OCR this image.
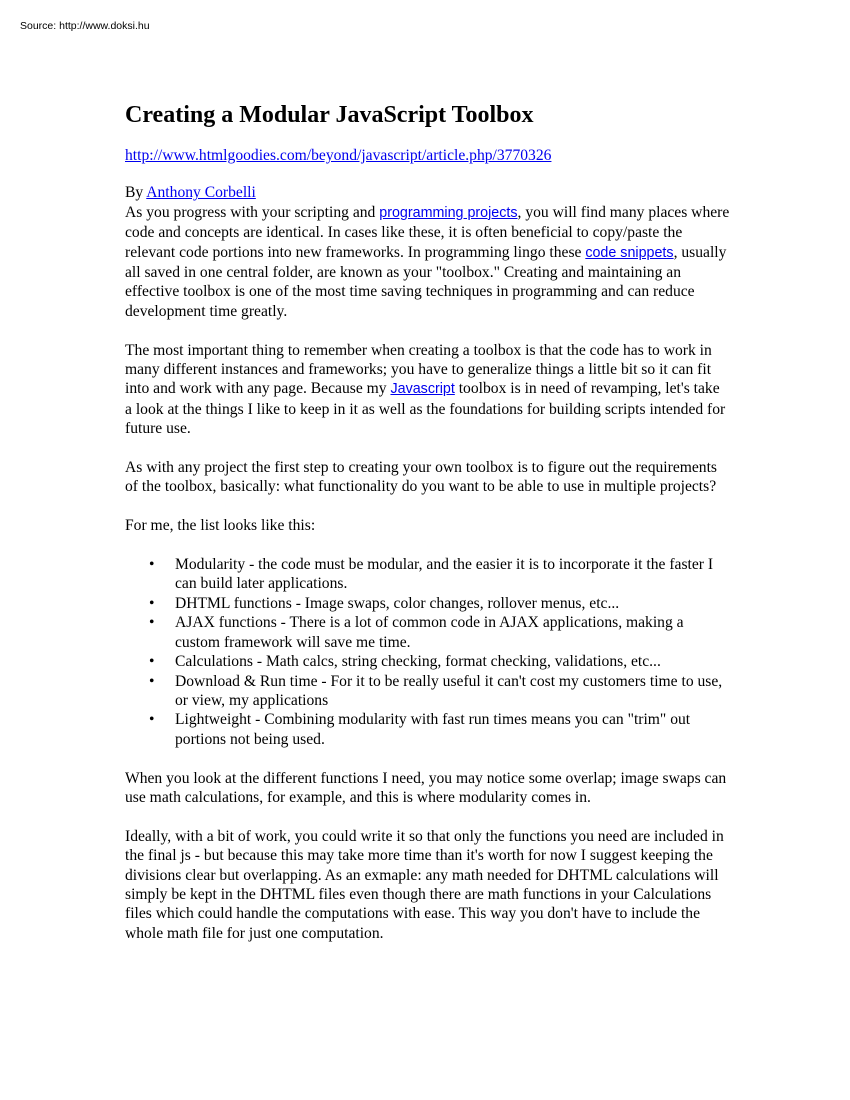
Source: http://www.doksi.hu
Creating a Modular JavaScript Toolbox

http://www.htmlgoodies.com/beyond/javascript/article.php/3770326

By Anthony Corbelli

As you progress with your scripting and programming projects, you will find many places where code and concepts are identical. In cases like these, it is often beneficial to copy/paste the relevant code portions into new frameworks. In programming lingo these code snippets, usually all saved in one central folder, are known as your "toolbox." Creating and maintaining an effective toolbox is one of the most time saving techniques in programming and can reduce development time greatly.

The most important thing to remember when creating a toolbox is that the code has to work in many different instances and frameworks; you have to generalize things a little bit so it can fit into and work with any page. Because my Javascript toolbox is in need of revamping, let's take a look at the things I like to keep in it as well as the foundations for building scripts intended for future use.

As with any project the first step to creating your own toolbox is to figure out the requirements of the toolbox, basically: what functionality do you want to be able to use in multiple projects?

For me, the list looks like this:

• Modularity - the code must be modular, and the easier it is to incorporate it the faster I can build later applications.
• DHTML functions - Image swaps, color changes, rollover menus, etc...
• AJAX functions - There is a lot of common code in AJAX applications, making a custom framework will save me time.
• Calculations - Math calcs, string checking, format checking, validations, etc...
• Download & Run time - For it to be really useful it can't cost my customers time to use, or view, my applications
• Lightweight - Combining modularity with fast run times means you can "trim" out portions not being used.

When you look at the different functions I need, you may notice some overlap; image swaps can use math calculations, for example, and this is where modularity comes in.

Ideally, with a bit of work, you could write it so that only the functions you need are included in the final js - but because this may take more time than it's worth for now I suggest keeping the divisions clear but overlapping. As an exmaple: any math needed for DHTML calculations will simply be kept in the DHTML files even though there are math functions in your Calculations files which could handle the computations with ease. This way you don't have to include the whole math file for just one computation.
